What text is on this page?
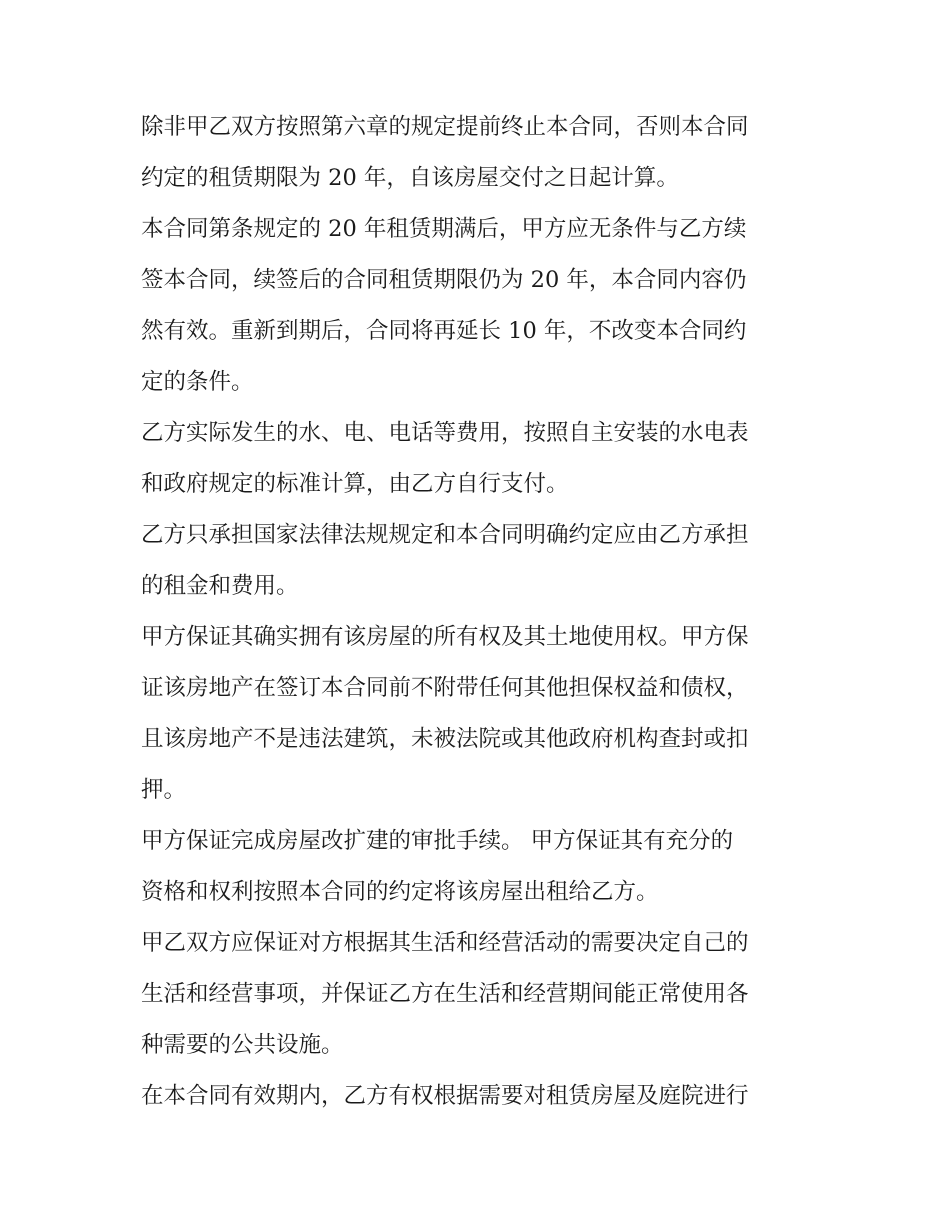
除非甲乙双方按照第六章的规定提前终止本合同，否则本合同
约定的租赁期限为 20 年，自该房屋交付之日起计算。
本合同第条规定的 20 年租赁期满后，甲方应无条件与乙方续
签本合同，续签后的合同租赁期限仍为 20 年，本合同内容仍
然有效。重新到期后，合同将再延长 10 年，不改变本合同约
定的条件。
乙方实际发生的水、电、电话等费用，按照自主安装的水电表
和政府规定的标准计算，由乙方自行支付。
乙方只承担国家法律法规规定和本合同明确约定应由乙方承担
的租金和费用。
甲方保证其确实拥有该房屋的所有权及其土地使用权。甲方保
证该房地产在签订本合同前不附带任何其他担保权益和债权，
且该房地产不是违法建筑，未被法院或其他政府机构查封或扣
押。
甲方保证完成房屋改扩建的审批手续。 甲方保证其有充分的
资格和权利按照本合同的约定将该房屋出租给乙方。
甲乙双方应保证对方根据其生活和经营活动的需要决定自己的
生活和经营事项，并保证乙方在生活和经营期间能正常使用各
种需要的公共设施。
在本合同有效期内，乙方有权根据需要对租赁房屋及庭院进行
